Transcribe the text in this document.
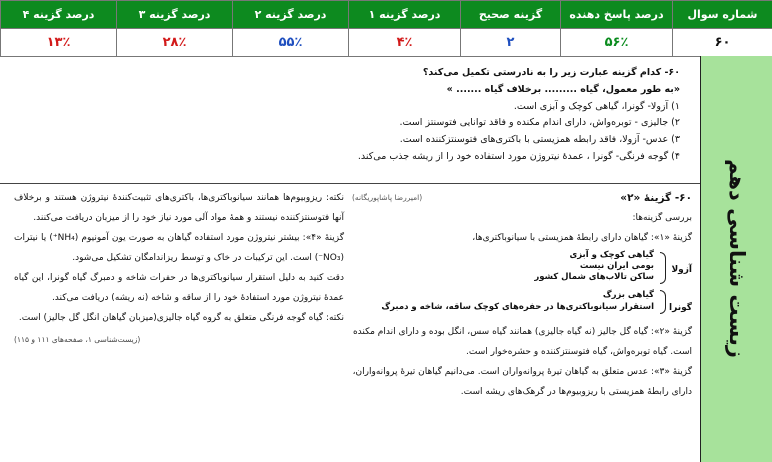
شماره سوال	درصد پاسخ دهنده	گزینه صحیح	درصد گزینه ۱	درصد گزینه ۲	درصد گزینه ۳	درصد گزینه ۴
۶۰	۵۶٪	۲	۴٪	۵۵٪	۲۸٪	۱۳٪
زیست شناسی دهم
۶۰- کدام گزینه عبارت زیر را به نادرستی تکمیل می‌کند؟
«به طور معمول، گیاه ......... برخلاف گیاه ....... »
۱) آزولا- گونرا، گیاهی کوچک و آبزی است.
۲) جالیزی - توبره‌واش، دارای اندام مکنده و فاقد توانایی فتوسنتز است.
۳) عدس- آزولا، فاقد رابطه همزیستی با باکتری‌های فتوسنتزکننده است.
۴) گوجه فرنگی- گونرا ، عمدهٔ نیتروژن مورد استفاده خود را از ریشه جذب می‌کند.
۶۰- گزینهٔ «۲»
(امیررضا پاشاپوریگانه)
بررسی گزینه‌ها:
گزینهٔ «۱»: گیاهان دارای رابطهٔ همزیستی با سیانوباکتری‌ها،
آزولا
گیاهی کوچک و آبزی
بومی ایران نیست
ساکن تالاب‌های شمال کشور
گونرا
گیاهی بزرگ
استقرار سیانوباکتری‌ها در حفره‌های کوچک ساقه، شاخه و دمبرگ
گزینهٔ «۲»: گیاه گل جالیز (نه گیاه جالیزی) همانند گیاه سس، انگل بوده و دارای اندام مکنده است. گیاه توبره‌واش، گیاه فتوسنتزکننده و حشره‌خوار است.
گزینهٔ «۳»: عدس متعلق به گیاهان تیرهٔ پروانه‌واران است. می‌دانیم گیاهان تیرهٔ پروانه‌واران، دارای رابطهٔ همزیستی با ریزوبیوم‌ها در گرهک‌های ریشه است.
نکته: ریزوبیوم‌ها همانند سیانوباکتری‌ها، باکتری‌های تثبیت‌کنندهٔ نیتروژن هستند و برخلاف آنها فتوسنتزکننده نیستند و همهٔ مواد آلی مورد نیاز خود را از میزبان دریافت می‌کنند.
گزینهٔ «۴»: بیشتر نیتروژن مورد استفاده گیاهان به صورت یون آمونیوم (NH₄⁺) یا نیترات (NO₃⁻) است. این ترکیبات در خاک و توسط ریزاندامگان تشکیل می‌شود.
دقت کنید به دلیل استقرار سیانوباکتری‌ها در حفرات شاخه و دمبرگ گیاه گونرا، این گیاه عمدهٔ نیتروژن مورد استفادهٔ خود را از ساقه و شاخه (نه ریشه) دریافت می‌کند.
نکته: گیاه گوجه فرنگی متعلق به گروه گیاه جالیزی(میزبان گیاهان انگل گل جالیز) است.
(زیست‌شناسی ۱، صفحه‌های ۱۱۱ و ۱۱۵)
